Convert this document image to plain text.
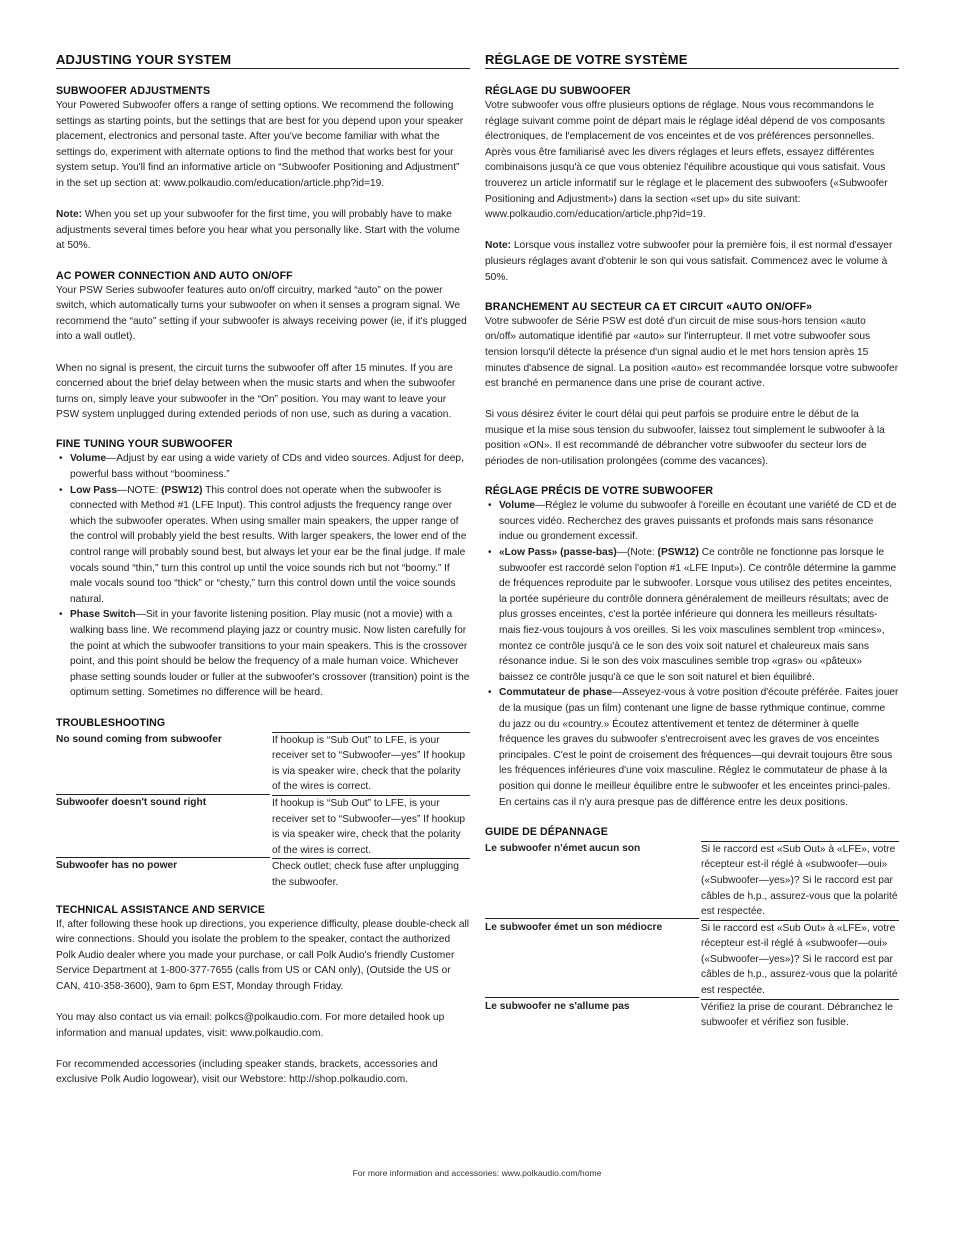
ADJUSTING YOUR SYSTEM
SUBWOOFER ADJUSTMENTS

Your Powered Subwoofer offers a range of setting options. We recommend the following settings as starting points, but the settings that are best for you depend upon your speaker placement, electronics and personal taste. After you've become familiar with what the settings do, experiment with alternate options to find the method that works best for your system setup. You'll find an informative article on “Subwoofer Positioning and Adjustment” in the set up section at: www.polkaudio.com/education/article.php?id=19.

Note: When you set up your subwoofer for the first time, you will probably have to make adjustments several times before you hear what you personally like. Start with the volume at 50%.

AC POWER CONNECTION AND AUTO ON/OFF

Your PSW Series subwoofer features auto on/off circuitry, marked “auto” on the power switch, which automatically turns your subwoofer on when it senses a program signal. We recommend the “auto” setting if your subwoofer is always receiving power (ie, if it's plugged into a wall outlet).

When no signal is present, the circuit turns the subwoofer off after 15 minutes. If you are concerned about the brief delay between when the music starts and when the subwoofer turns on, simply leave your subwoofer in the “On” position. You may want to leave your PSW system unplugged during extended periods of non use, such as during a vacation.

FINE TUNING YOUR SUBWOOFER
• Volume—Adjust by ear using a wide variety of CDs and video sources. Adjust for deep, powerful bass without “boominess.”
• Low Pass—NOTE: (PSW12) This control does not operate when the subwoofer is connected with Method #1 (LFE Input). This control adjusts the frequency range over which the subwoofer operates. When using smaller main speakers, the upper range of the control will probably yield the best results. With larger speakers, the lower end of the control range will probably sound best, but always let your ear be the final judge. If male vocals sound “thin,” turn this control up until the voice sounds rich but not “boomy.” If male vocals sound too “thick” or “chesty,” turn this control down until the voice sounds natural.
• Phase Switch—Sit in your favorite listening position. Play music (not a movie) with a walking bass line. We recommend playing jazz or country music. Now listen carefully for the point at which the subwoofer transitions to your main speakers. This is the crossover point, and this point should be below the frequency of a male human voice. Whichever phase setting sounds louder or fuller at the subwoofer's crossover (transition) point is the optimum setting. Sometimes no difference will be heard.
TROUBLESHOOTING
No sound coming from subwoofer	If hookup is “Sub Out” to LFE, is your receiver set to “Subwoofer—yes” If hookup is via speaker wire, check that the polarity of the wires is correct.
Subwoofer doesn't sound right	If hookup is “Sub Out” to LFE, is your receiver set to “Subwoofer—yes” If hookup is via speaker wire, check that the polarity of the wires is correct.
Subwoofer has no power	Check outlet; check fuse after unplugging the subwoofer.
TECHNICAL ASSISTANCE AND SERVICE

If, after following these hook up directions, you experience difficulty, please double-check all wire connections. Should you isolate the problem to the speaker, contact the authorized Polk Audio dealer where you made your purchase, or call Polk Audio's friendly Customer Service Department at 1-800-377-7655 (calls from US or CAN only), (Outside the US or CAN, 410-358-3600), 9am to 6pm EST, Monday through Friday.

You may also contact us via email: polkcs@polkaudio.com. For more detailed hook up information and manual updates, visit: www.polkaudio.com.

For recommended accessories (including speaker stands, brackets, accessories and exclusive Polk Audio logowear), visit our Webstore: http://shop.polkaudio.com.

RÉGLAGE DE VOTRE SYSTÈME
RÉGLAGE DU SUBWOOFER

Votre subwoofer vous offre plusieurs options de réglage. Nous vous recommandons le réglage suivant comme point de départ mais le réglage idéal dépend de vos composants électroniques, de l'emplacement de vos enceintes et de vos préférences personnelles. Après vous être familiarisé avec les divers réglages et leurs effets, essayez différentes combinaisons jusqu'à ce que vous obteniez l'équilibre acoustique qui vous satisfait. Vous trouverez un article informatif sur le réglage et le placement des subwoofers («Subwoofer Positioning and Adjustment») dans la section «set up» du site suivant: www.polkaudio.com/education/article.php?id=19.

Note: Lorsque vous installez votre subwoofer pour la première fois, il est normal d'essayer plusieurs réglages avant d'obtenir le son qui vous satisfait. Commencez avec le volume à 50%.

BRANCHEMENT AU SECTEUR CA ET CIRCUIT «AUTO ON/OFF»

Votre subwoofer de Série PSW est doté d'un circuit de mise sous-hors tension «auto on/off» automatique identifié par «auto» sur l'interrupteur. Il met votre subwoofer sous tension lorsqu'il détecte la présence d'un signal audio et le met hors tension après 15 minutes d'absence de signal. La position «auto» est recommandée lorsque votre subwoofer est branché en permanence dans une prise de courant active.

Si vous désirez éviter le court délai qui peut parfois se produire entre le début de la musique et la mise sous tension du subwoofer, laissez tout simplement le subwoofer à la position «ON». Il est recommandé de débrancher votre subwoofer du secteur lors de périodes de non-utilisation prolongées (comme des vacances).

RÉGLAGE PRÉCIS DE VOTRE SUBWOOFER
• Volume—Réglez le volume du subwoofer à l'oreille en écoutant une variété de CD et de sources vidéo. Recherchez des graves puissants et profonds mais sans résonance indue ou grondement excessif.
• «Low Pass» (passe-bas)—(Note: (PSW12) Ce contrôle ne fonctionne pas lorsque le subwoofer est raccordé selon l'option #1 «LFE Input»). Ce contrôle détermine la gamme de fréquences reproduite par le subwoofer. Lorsque vous utilisez des petites enceintes, la portée supérieure du contrôle donnera généralement de meilleurs résultats; avec de plus grosses enceintes, c'est la portée inférieure qui donnera les meilleurs résultats-mais fiez-vous toujours à vos oreilles. Si les voix masculines semblent trop «minces», montez ce contrôle jusqu'à ce le son des voix soit naturel et chaleureux mais sans résonance indue. Si le son des voix masculines semble trop «gras» ou «pâteux» baissez ce contrôle jusqu'à ce que le son soit naturel et bien équilibré.
• Commutateur de phase—Asseyez-vous à votre position d'écoute préférée. Faites jouer de la musique (pas un film) contenant une ligne de basse rythmique continue, comme du jazz ou du «country.» Écoutez attentivement et tentez de déterminer à quelle fréquence les graves du subwoofer s'entrecroisent avec les graves de vos enceintes principales. C'est le point de croisement des fréquences—qui devrait toujours être sous les fréquences inférieures d'une voix masculine. Réglez le commutateur de phase à la position qui donne le meilleur équilibre entre le subwoofer et les enceintes princi-pales. En certains cas il n'y aura presque pas de différence entre les deux positions.
GUIDE DE DÉPANNAGE
Le subwoofer n'émet aucun son	Si le raccord est «Sub Out» à «LFE», votre récepteur est-il réglé à «subwoofer—oui» («Subwoofer—yes»)? Si le raccord est par câbles de h.p., assurez-vous que la polarité est respectée.
Le subwoofer émet un son médiocre	Si le raccord est «Sub Out» à «LFE», votre récepteur est-il réglé à «subwoofer—oui» («Subwoofer—yes»)? Si le raccord est par câbles de h.p., assurez-vous que la polarité est respectée.
Le subwoofer ne s'allume pas	Vérifiez la prise de courant. Débranchez le subwoofer et vérifiez son fusible.
For more information and accessories: www.polkaudio.com/home
